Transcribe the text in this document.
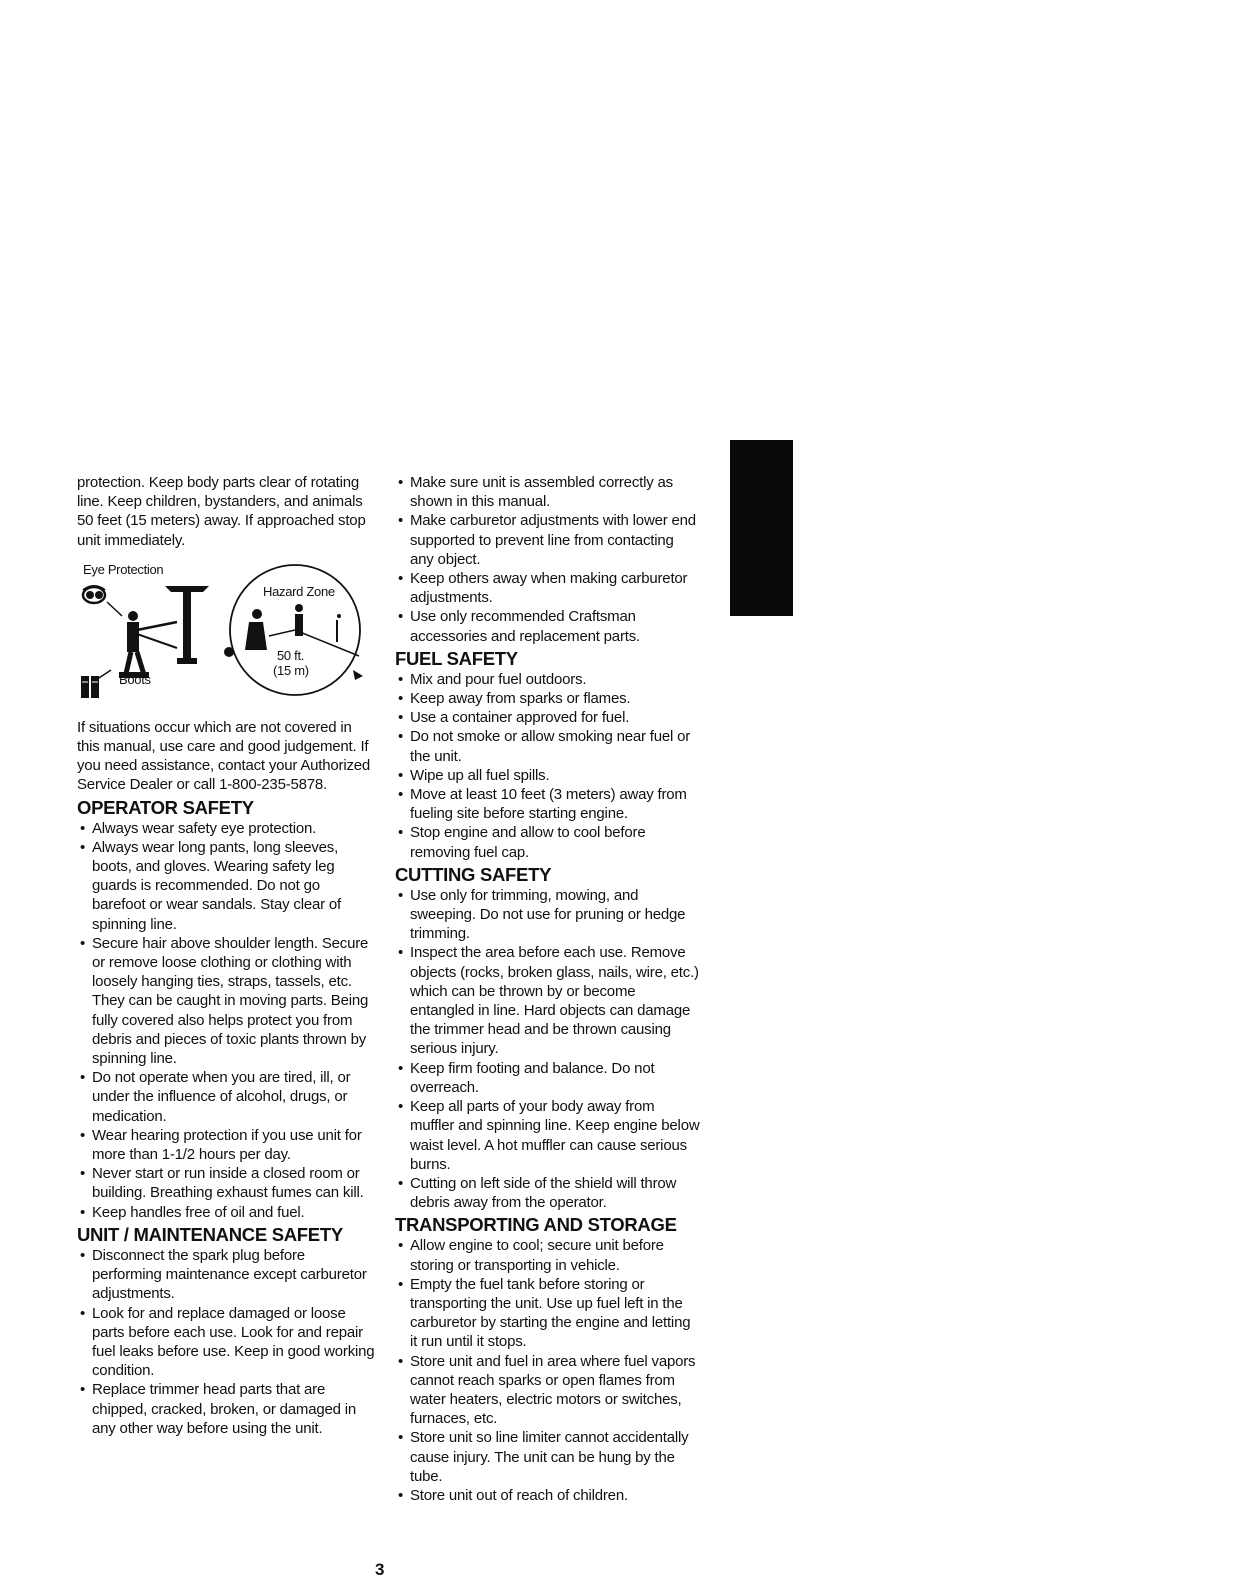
protection. Keep body parts clear of rotating line. Keep children, bystanders, and animals 50 feet (15 meters) away. If approached stop unit immediately.

Eye Protection
Hazard Zone
50 ft.
(15 m)
Boots

If situations occur which are not covered in this manual, use care and good judgement. If you need assistance, contact your Authorized Service Dealer or call 1-800-235-5878.

OPERATOR SAFETY
• Always wear safety eye protection.
• Always wear long pants, long sleeves, boots, and gloves. Wearing safety leg guards is recommended. Do not go barefoot or wear sandals. Stay clear of spinning line.
• Secure hair above shoulder length. Secure or remove loose clothing or clothing with loosely hanging ties, straps, tassels, etc. They can be caught in moving parts. Being fully covered also helps protect you from debris and pieces of toxic plants thrown by spinning line.
• Do not operate when you are tired, ill, or under the influence of alcohol, drugs, or medication.
• Wear hearing protection if you use unit for more than 1-1/2 hours per day.
• Never start or run inside a closed room or building. Breathing exhaust fumes can kill.
• Keep handles free of oil and fuel.
UNIT / MAINTENANCE SAFETY
• Disconnect the spark plug before performing maintenance except carburetor adjustments.
• Look for and replace damaged or loose parts before each use. Look for and repair fuel leaks before use. Keep in good working condition.
• Replace trimmer head parts that are chipped, cracked, broken, or damaged in any other way before using the unit.
• Make sure unit is assembled correctly as shown in this manual.
• Make carburetor adjustments with lower end supported to prevent line from contacting any object.
• Keep others away when making carburetor adjustments.
• Use only recommended Craftsman accessories and replacement parts.
FUEL SAFETY
• Mix and pour fuel outdoors.
• Keep away from sparks or flames.
• Use a container approved for fuel.
• Do not smoke or allow smoking near fuel or the unit.
• Wipe up all fuel spills.
• Move at least 10 feet (3 meters) away from fueling site before starting engine.
• Stop engine and allow to cool before removing fuel cap.
CUTTING SAFETY
• Use only for trimming, mowing, and sweeping. Do not use for pruning or hedge trimming.
• Inspect the area before each use. Remove objects (rocks, broken glass, nails, wire, etc.) which can be thrown by or become entangled in line. Hard objects can damage the trimmer head and be thrown causing serious injury.
• Keep firm footing and balance. Do not overreach.
• Keep all parts of your body away from muffler and spinning line. Keep engine below waist level. A hot muffler can cause serious burns.
• Cutting on left side of the shield will throw debris away from the operator.
TRANSPORTING AND STORAGE
• Allow engine to cool; secure unit before storing or transporting in vehicle.
• Empty the fuel tank before storing or transporting the unit. Use up fuel left in the carburetor by starting the engine and letting it run until it stops.
• Store unit and fuel in area where fuel vapors cannot reach sparks or open flames from water heaters, electric motors or switches, furnaces, etc.
• Store unit so line limiter cannot accidentally cause injury. The unit can be hung by the tube.
• Store unit out of reach of children.
3
